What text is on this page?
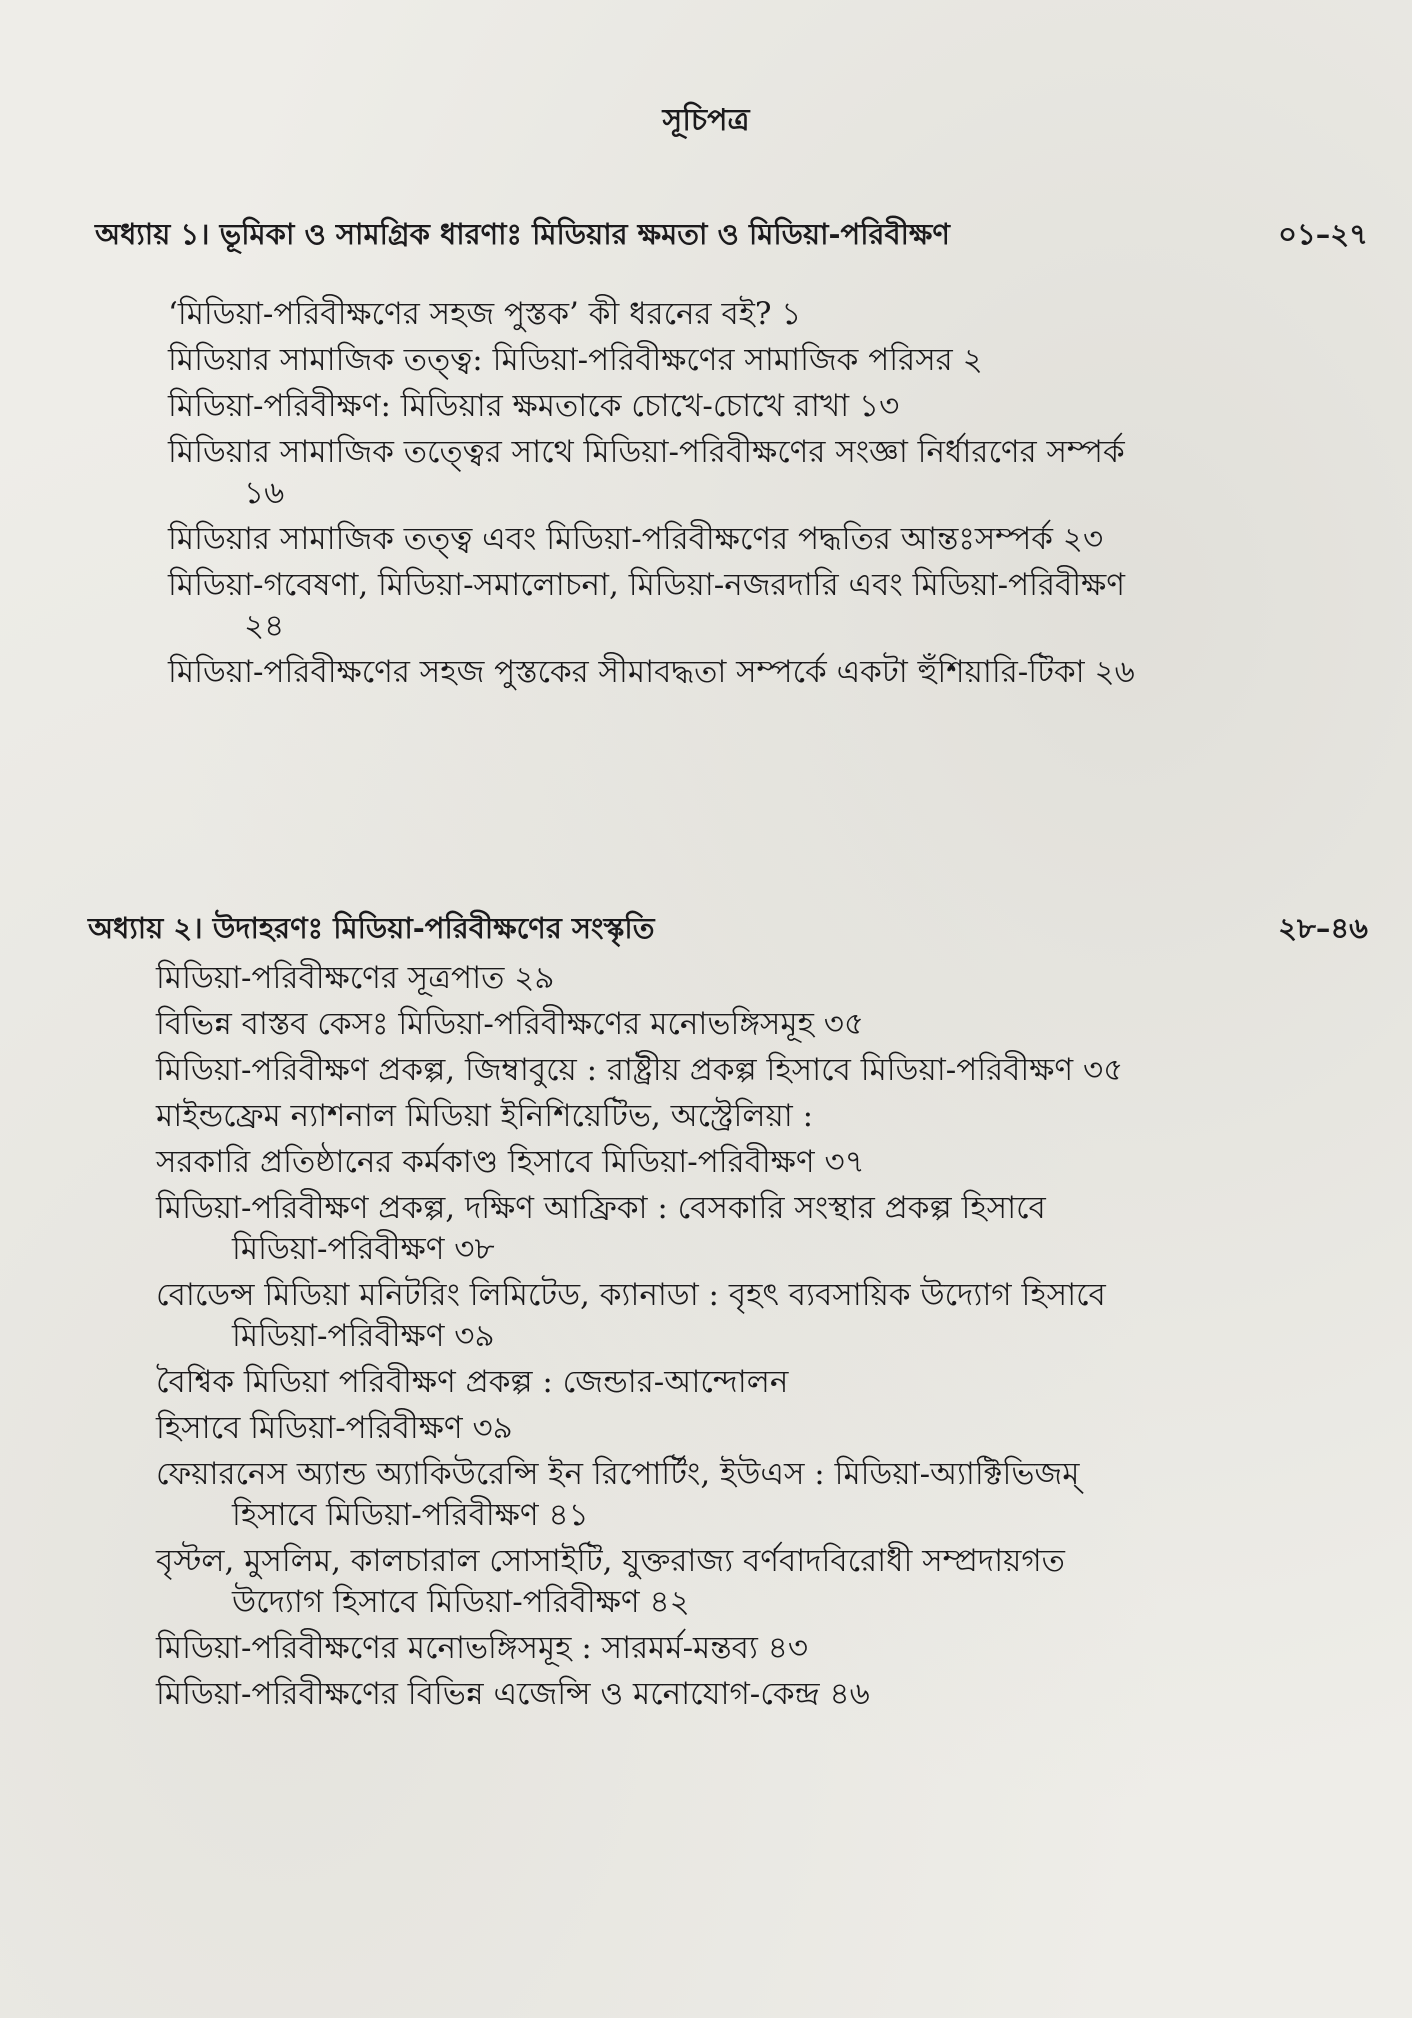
সূচিপত্র
অধ্যায় ১। ভূমিকা ও সামগ্রিক ধারণাঃ মিডিয়ার ক্ষমতা ও মিডিয়া-পরিবীক্ষণ	০১–২৭
‘মিডিয়া-পরিবীক্ষণের সহজ পুস্তক’ কী ধরনের বই? ১
মিডিয়ার সামাজিক তত্ত্ব: মিডিয়া-পরিবীক্ষণের সামাজিক পরিসর ২
মিডিয়া-পরিবীক্ষণ: মিডিয়ার ক্ষমতাকে চোখে-চোখে রাখা ১৩
মিডিয়ার সামাজিক তত্ত্বের সাথে মিডিয়া-পরিবীক্ষণের সংজ্ঞা নির্ধারণের সম্পর্ক ১৬
মিডিয়ার সামাজিক তত্ত্ব এবং মিডিয়া-পরিবীক্ষণের পদ্ধতির আন্তঃসম্পর্ক ২৩
মিডিয়া-গবেষণা, মিডিয়া-সমালোচনা, মিডিয়া-নজরদারি এবং মিডিয়া-পরিবীক্ষণ ২৪
মিডিয়া-পরিবীক্ষণের সহজ পুস্তকের সীমাবদ্ধতা সম্পর্কে একটা হুঁশিয়ারি-টিকা ২৬
অধ্যায় ২। উদাহরণঃ মিডিয়া-পরিবীক্ষণের সংস্কৃতি	২৮–৪৬
মিডিয়া-পরিবীক্ষণের সূত্রপাত ২৯
বিভিন্ন বাস্তব কেসঃ মিডিয়া-পরিবীক্ষণের মনোভঙ্গিসমূহ ৩৫
মিডিয়া-পরিবীক্ষণ প্রকল্প, জিম্বাবুয়ে : রাষ্ট্রীয় প্রকল্প হিসাবে মিডিয়া-পরিবীক্ষণ ৩৫
মাইন্ডফ্রেম ন্যাশনাল মিডিয়া ইনিশিয়েটিভ, অস্ট্রেলিয়া :
সরকারি প্রতিষ্ঠানের কর্মকাণ্ড হিসাবে মিডিয়া-পরিবীক্ষণ ৩৭
মিডিয়া-পরিবীক্ষণ প্রকল্প, দক্ষিণ আফ্রিকা : বেসকারি সংস্থার প্রকল্প হিসাবে মিডিয়া-পরিবীক্ষণ ৩৮
বোডেন্স মিডিয়া মনিটরিং লিমিটেড, ক্যানাডা : বৃহৎ ব্যবসায়িক উদ্যোগ হিসাবে মিডিয়া-পরিবীক্ষণ ৩৯
বৈশ্বিক মিডিয়া পরিবীক্ষণ প্রকল্প : জেন্ডার-আন্দোলন
হিসাবে মিডিয়া-পরিবীক্ষণ ৩৯
ফেয়ারনেস অ্যান্ড অ্যাকিউরেন্সি ইন রিপোর্টিং, ইউএস : মিডিয়া-অ্যাক্টিভিজম্ হিসাবে মিডিয়া-পরিবীক্ষণ ৪১
বৃস্টল, মুসলিম, কালচারাল সোসাইটি, যুক্তরাজ্য বর্ণবাদবিরোধী সম্প্রদায়গত উদ্যোগ হিসাবে মিডিয়া-পরিবীক্ষণ ৪২
মিডিয়া-পরিবীক্ষণের মনোভঙ্গিসমূহ : সারমর্ম-মন্তব্য ৪৩
মিডিয়া-পরিবীক্ষণের বিভিন্ন এজেন্সি ও মনোযোগ-কেন্দ্র ৪৬
